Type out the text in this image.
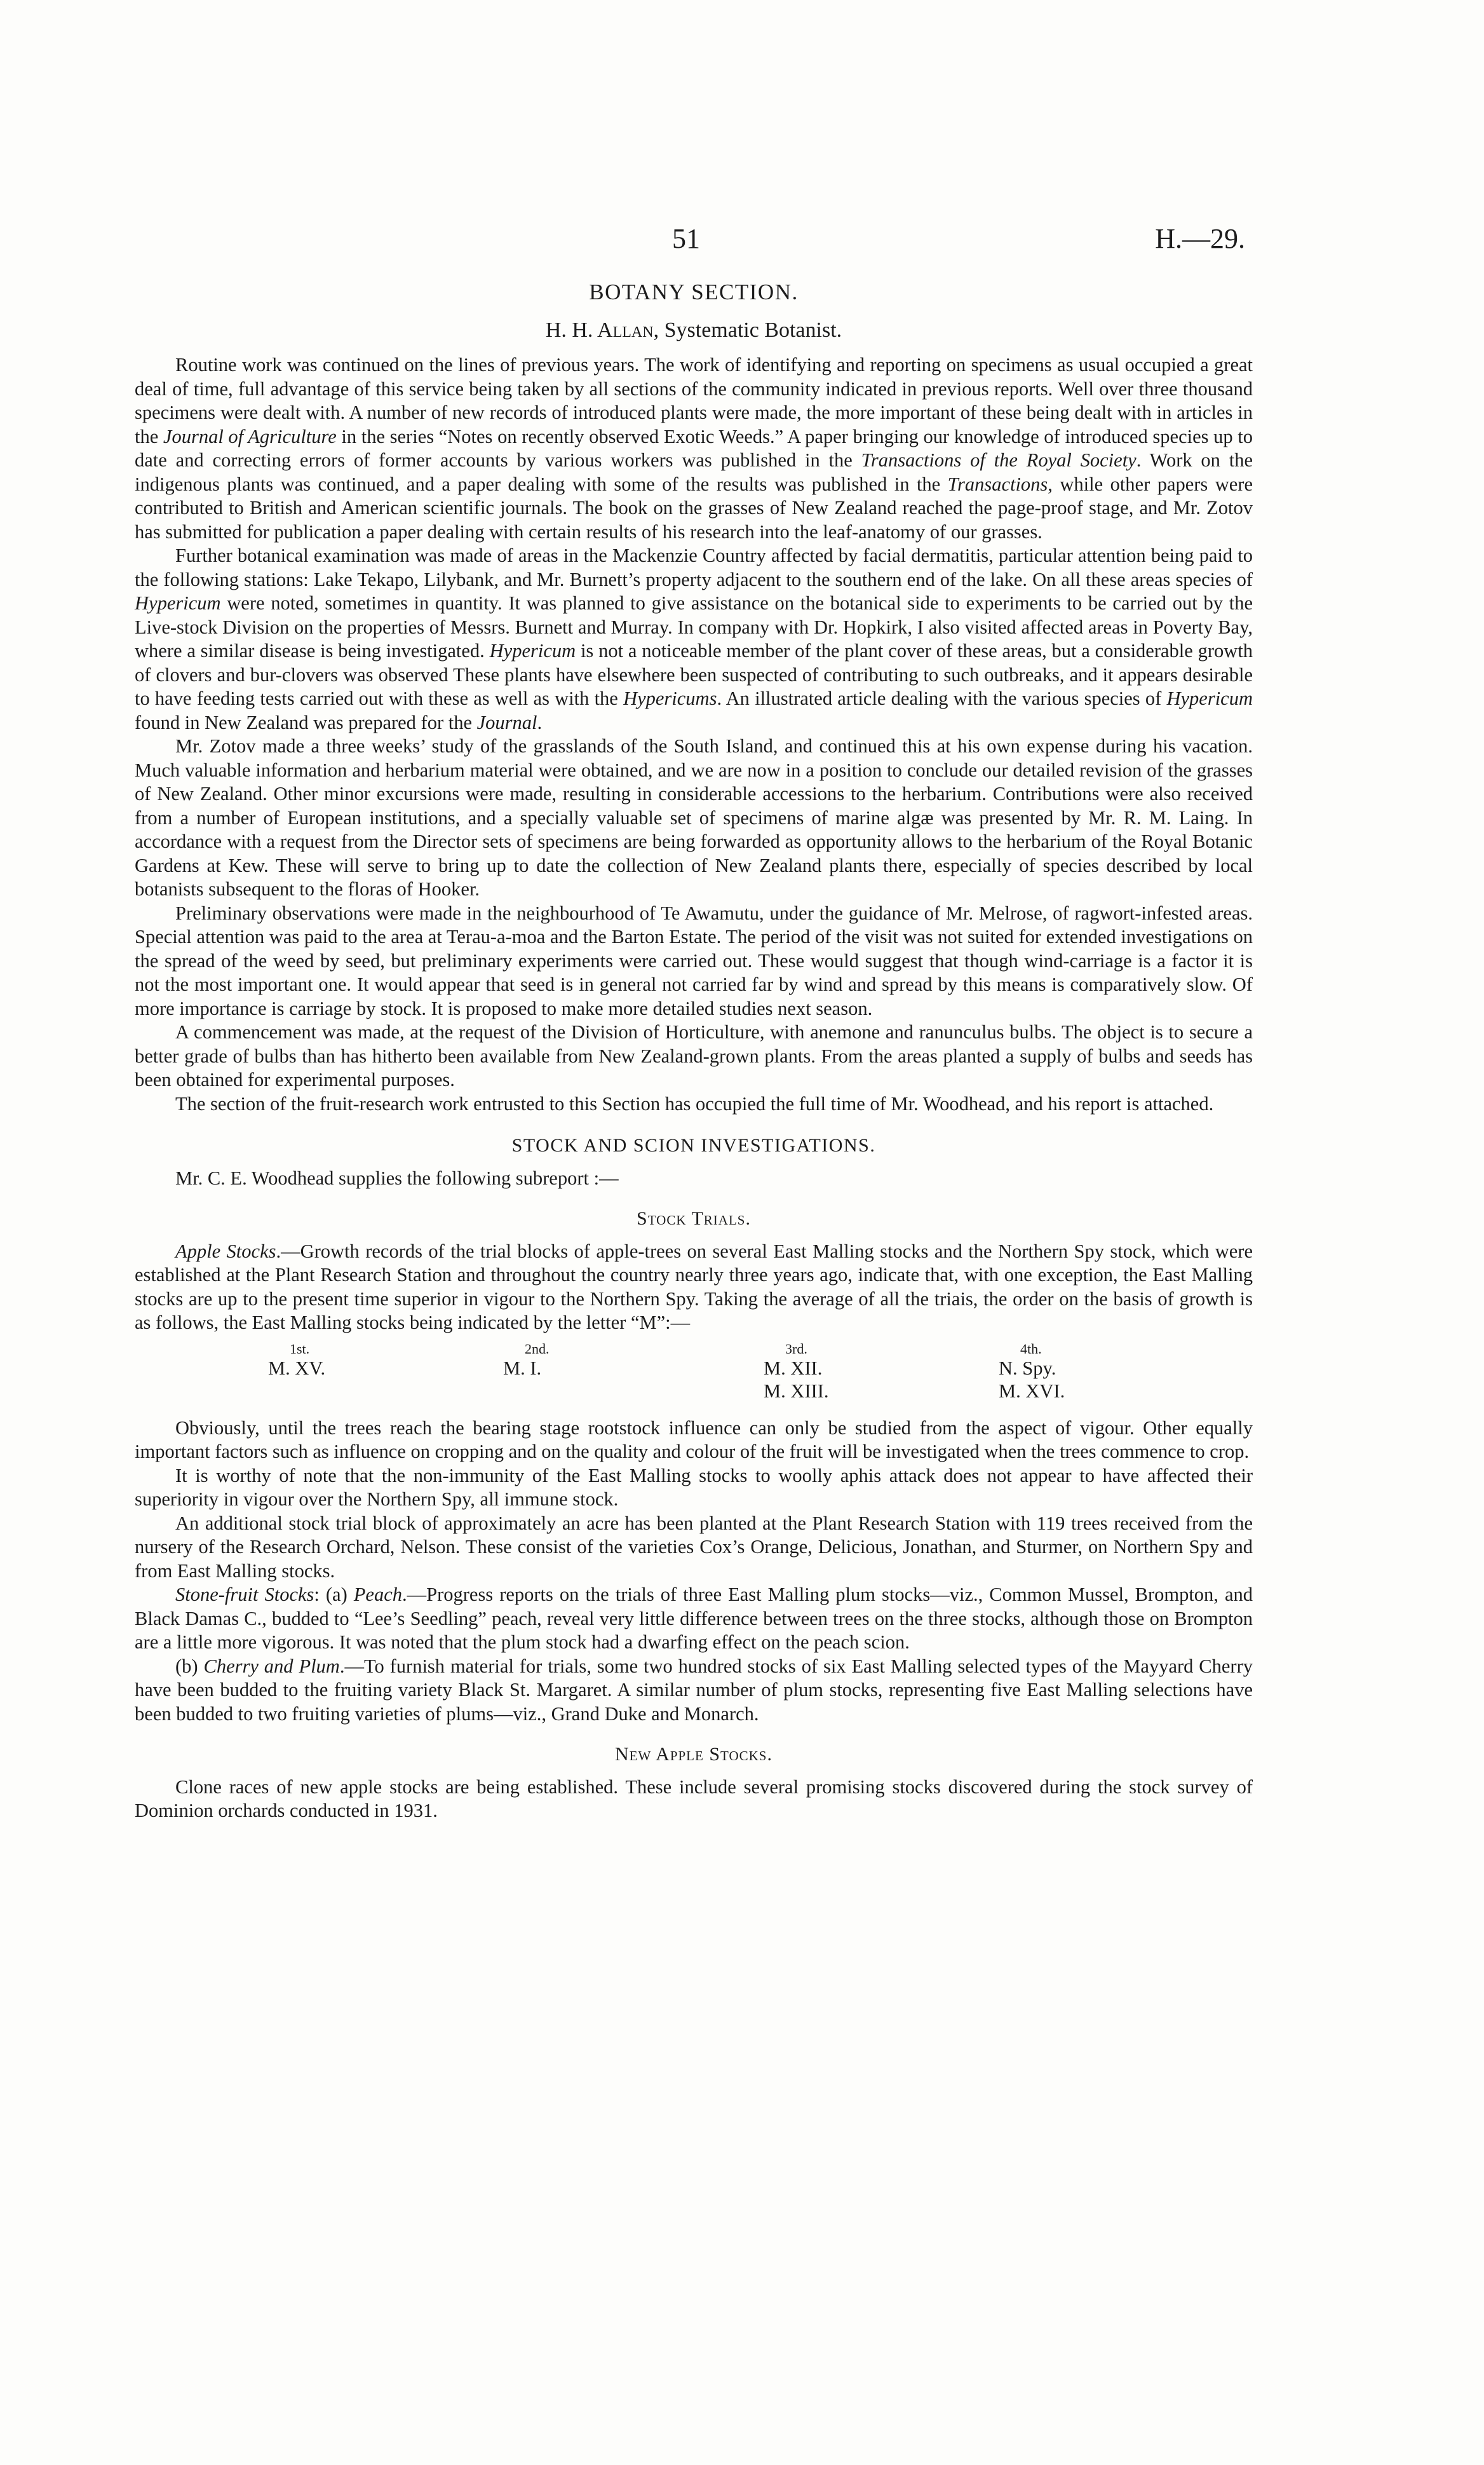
51	H.—29.
BOTANY SECTION.
H. H. Allan, Systematic Botanist.

Routine work was continued on the lines of previous years. The work of identifying and reporting on specimens as usual occupied a great deal of time, full advantage of this service being taken by all sections of the community indicated in previous reports. Well over three thousand specimens were dealt with. A number of new records of introduced plants were made, the more important of these being dealt with in articles in the Journal of Agriculture in the series “Notes on recently observed Exotic Weeds.” A paper bringing our knowledge of introduced species up to date and correcting errors of former accounts by various workers was published in the Transactions of the Royal Society. Work on the indigenous plants was continued, and a paper dealing with some of the results was published in the Transactions, while other papers were contributed to British and American scientific journals. The book on the grasses of New Zealand reached the page-proof stage, and Mr. Zotov has submitted for publication a paper dealing with certain results of his research into the leaf-anatomy of our grasses.

Further botanical examination was made of areas in the Mackenzie Country affected by facial dermatitis, particular attention being paid to the following stations: Lake Tekapo, Lilybank, and Mr. Burnett’s property adjacent to the southern end of the lake. On all these areas species of Hypericum were noted, sometimes in quantity. It was planned to give assistance on the botanical side to experiments to be carried out by the Live-stock Division on the properties of Messrs. Burnett and Murray. In company with Dr. Hopkirk, I also visited affected areas in Poverty Bay, where a similar disease is being investigated. Hypericum is not a noticeable member of the plant cover of these areas, but a considerable growth of clovers and bur-clovers was observed These plants have elsewhere been suspected of contributing to such outbreaks, and it appears desirable to have feeding tests carried out with these as well as with the Hypericums. An illustrated article dealing with the various species of Hypericum found in New Zealand was prepared for the Journal.

Mr. Zotov made a three weeks’ study of the grasslands of the South Island, and continued this at his own expense during his vacation. Much valuable information and herbarium material were obtained, and we are now in a position to conclude our detailed revision of the grasses of New Zealand. Other minor excursions were made, resulting in considerable accessions to the herbarium. Contributions were also received from a number of European institutions, and a specially valuable set of specimens of marine algæ was presented by Mr. R. M. Laing. In accordance with a request from the Director sets of specimens are being forwarded as opportunity allows to the herbarium of the Royal Botanic Gardens at Kew. These will serve to bring up to date the collection of New Zealand plants there, especially of species described by local botanists subsequent to the floras of Hooker.

Preliminary observations were made in the neighbourhood of Te Awamutu, under the guidance of Mr. Melrose, of ragwort-infested areas. Special attention was paid to the area at Terau-a-moa and the Barton Estate. The period of the visit was not suited for extended investigations on the spread of the weed by seed, but preliminary experiments were carried out. These would suggest that though wind-carriage is a factor it is not the most important one. It would appear that seed is in general not carried far by wind and spread by this means is comparatively slow. Of more importance is carriage by stock. It is proposed to make more detailed studies next season.

A commencement was made, at the request of the Division of Horticulture, with anemone and ranunculus bulbs. The object is to secure a better grade of bulbs than has hitherto been available from New Zealand-grown plants. From the areas planted a supply of bulbs and seeds has been obtained for experimental purposes.

The section of the fruit-research work entrusted to this Section has occupied the full time of Mr. Woodhead, and his report is attached.

STOCK AND SCION INVESTIGATIONS.

Mr. C. E. Woodhead supplies the following subreport :—

Stock Trials.

Apple Stocks.—Growth records of the trial blocks of apple-trees on several East Malling stocks and the Northern Spy stock, which were established at the Plant Research Station and throughout the country nearly three years ago, indicate that, with one exception, the East Malling stocks are up to the present time superior in vigour to the Northern Spy. Taking the average of all the triais, the order on the basis of growth is as follows, the East Malling stocks being indicated by the letter “M”:—

1st.
M. XV.
2nd.
M. I.
3rd.
M. XII.
M. XIII.
4th.
N. Spy.
M. XVI.

Obviously, until the trees reach the bearing stage rootstock influence can only be studied from the aspect of vigour. Other equally important factors such as influence on cropping and on the quality and colour of the fruit will be investigated when the trees commence to crop.

It is worthy of note that the non-immunity of the East Malling stocks to woolly aphis attack does not appear to have affected their superiority in vigour over the Northern Spy, all immune stock.

An additional stock trial block of approximately an acre has been planted at the Plant Research Station with 119 trees received from the nursery of the Research Orchard, Nelson. These consist of the varieties Cox’s Orange, Delicious, Jonathan, and Sturmer, on Northern Spy and from East Malling stocks.

Stone-fruit Stocks: (a) Peach.—Progress reports on the trials of three East Malling plum stocks—viz., Common Mussel, Brompton, and Black Damas C., budded to “Lee’s Seedling” peach, reveal very little difference between trees on the three stocks, although those on Brompton are a little more vigorous. It was noted that the plum stock had a dwarfing effect on the peach scion.

(b) Cherry and Plum.—To furnish material for trials, some two hundred stocks of six East Malling selected types of the Mayyard Cherry have been budded to the fruiting variety Black St. Margaret. A similar number of plum stocks, representing five East Malling selections have been budded to two fruiting varieties of plums—viz., Grand Duke and Monarch.

New Apple Stocks.

Clone races of new apple stocks are being established. These include several promising stocks discovered during the stock survey of Dominion orchards conducted in 1931.
